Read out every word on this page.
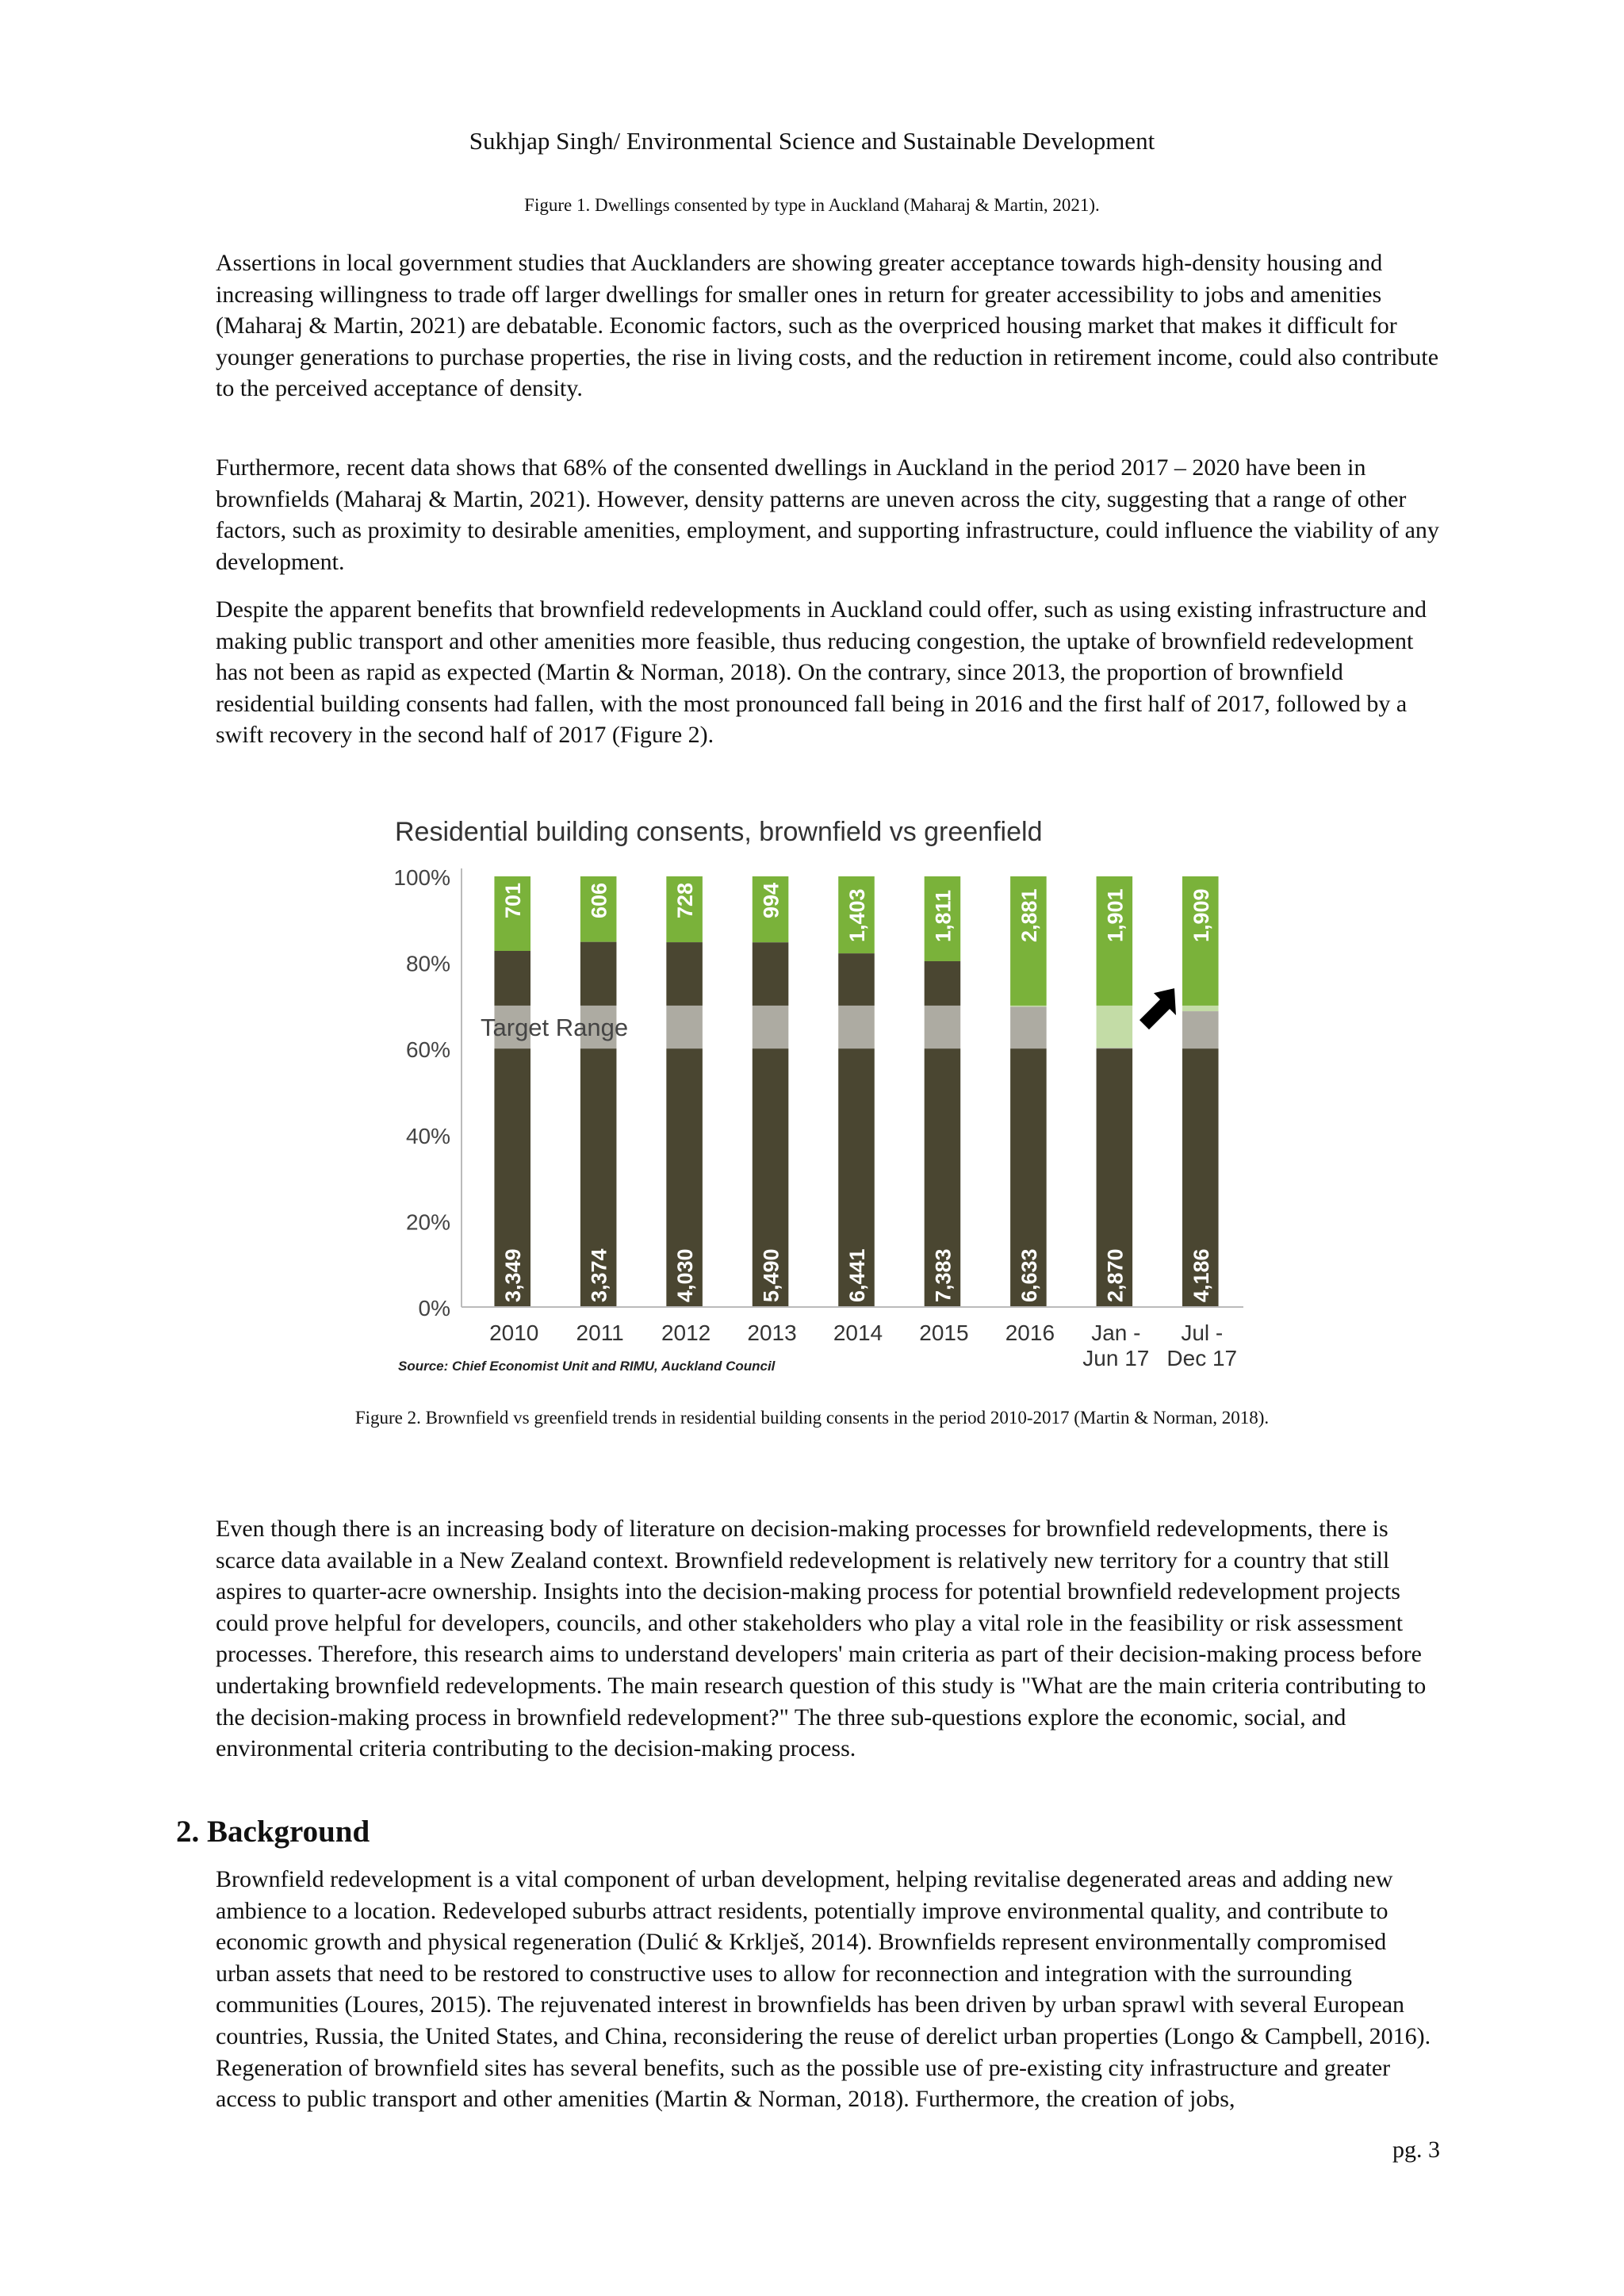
Sukhjap Singh/ Environmental Science and Sustainable Development
Figure 1. Dwellings consented by type in Auckland (Maharaj & Martin, 2021).

Assertions in local government studies that Aucklanders are showing greater acceptance towards high-density housing and increasing willingness to trade off larger dwellings for smaller ones in return for greater accessibility to jobs and amenities (Maharaj & Martin, 2021) are debatable. Economic factors, such as the overpriced housing market that makes it difficult for younger generations to purchase properties, the rise in living costs, and the reduction in retirement income, could also contribute to the perceived acceptance of density.

Furthermore, recent data shows that 68% of the consented dwellings in Auckland in the period 2017 – 2020 have been in brownfields (Maharaj & Martin, 2021). However, density patterns are uneven across the city, suggesting that a range of other factors, such as proximity to desirable amenities, employment, and supporting infrastructure, could influence the viability of any development.

Despite the apparent benefits that brownfield redevelopments in Auckland could offer, such as using existing infrastructure and making public transport and other amenities more feasible, thus reducing congestion, the uptake of brownfield redevelopment has not been as rapid as expected (Martin & Norman, 2018). On the contrary, since 2013, the proportion of brownfield residential building consents had fallen, with the most pronounced fall being in 2016 and the first half of 2017, followed by a swift recovery in the second half of 2017 (Figure 2).

Residential building consents, brownfield vs greenfield
0%
20%
40%
60%
80%
100%
701
3,349
606
3,374
728
4,030
994
5,490
1,403
6,441
1,811
7,383
2,881
6,633
1,901
2,870
1,909
4,186
Target Range
2010 2011 2012 2013 2014 2015 2016 Jan -
Jun 17
Jul -
Dec 17
Source: Chief Economist Unit and RIMU, Auckland Council
Figure 2. Brownfield vs greenfield trends in residential building consents in the period 2010-2017 (Martin & Norman, 2018).

Even though there is an increasing body of literature on decision-making processes for brownfield redevelopments, there is scarce data available in a New Zealand context. Brownfield redevelopment is relatively new territory for a country that still aspires to quarter-acre ownership. Insights into the decision-making process for potential brownfield redevelopment projects could prove helpful for developers, councils, and other stakeholders who play a vital role in the feasibility or risk assessment processes. Therefore, this research aims to understand developers' main criteria as part of their decision-making process before undertaking brownfield redevelopments. The main research question of this study is "What are the main criteria contributing to the decision-making process in brownfield redevelopment?" The three sub-questions explore the economic, social, and environmental criteria contributing to the decision-making process.

2. Background

Brownfield redevelopment is a vital component of urban development, helping revitalise degenerated areas and adding new ambience to a location. Redeveloped suburbs attract residents, potentially improve environmental quality, and contribute to economic growth and physical regeneration (Dulić & Krklješ, 2014). Brownfields represent environmentally compromised urban assets that need to be restored to constructive uses to allow for reconnection and integration with the surrounding communities (Loures, 2015). The rejuvenated interest in brownfields has been driven by urban sprawl with several European countries, Russia, the United States, and China, reconsidering the reuse of derelict urban properties (Longo & Campbell, 2016). Regeneration of brownfield sites has several benefits, such as the possible use of pre-existing city infrastructure and greater access to public transport and other amenities (Martin & Norman, 2018). Furthermore, the creation of jobs,

pg. 3
